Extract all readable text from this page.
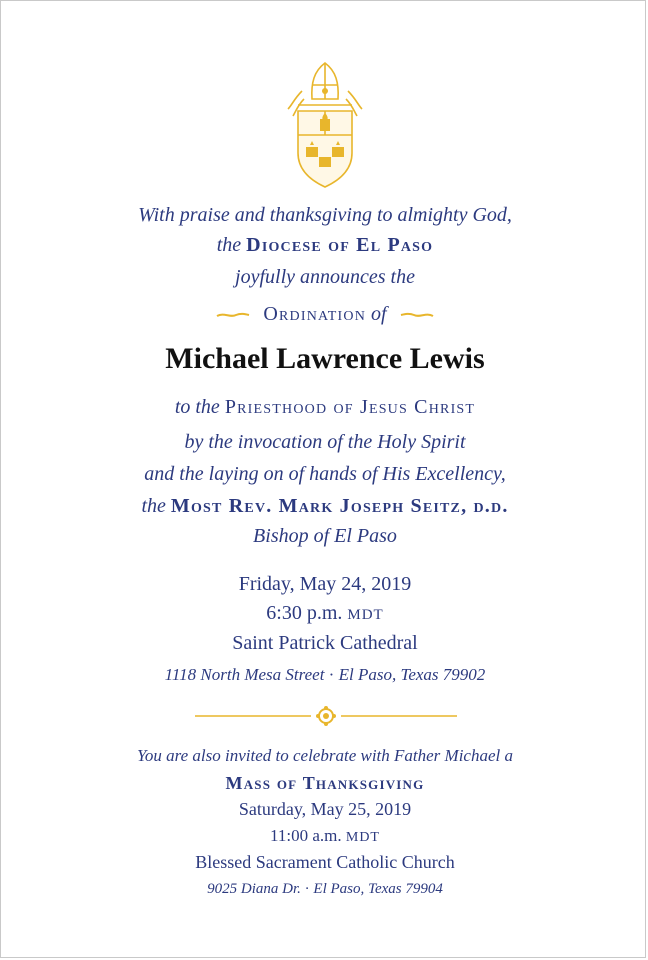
With praise and thanksgiving to almighty God,
the Diocese of El Paso
joyfully announces the
Ordination of
Michael Lawrence Lewis
to the Priesthood of Jesus Christ
by the invocation of the Holy Spirit
and the laying on of hands of His Excellency,
the Most Rev. Mark Joseph Seitz, d.d.
Bishop of El Paso
Friday, May 24, 2019
6:30 p.m. MDT
Saint Patrick Cathedral
1118 North Mesa Street · El Paso, Texas 79902
You are also invited to celebrate with Father Michael a
Mass of Thanksgiving
Saturday, May 25, 2019
11:00 a.m. MDT
Blessed Sacrament Catholic Church
9025 Diana Dr. · El Paso, Texas 79904
